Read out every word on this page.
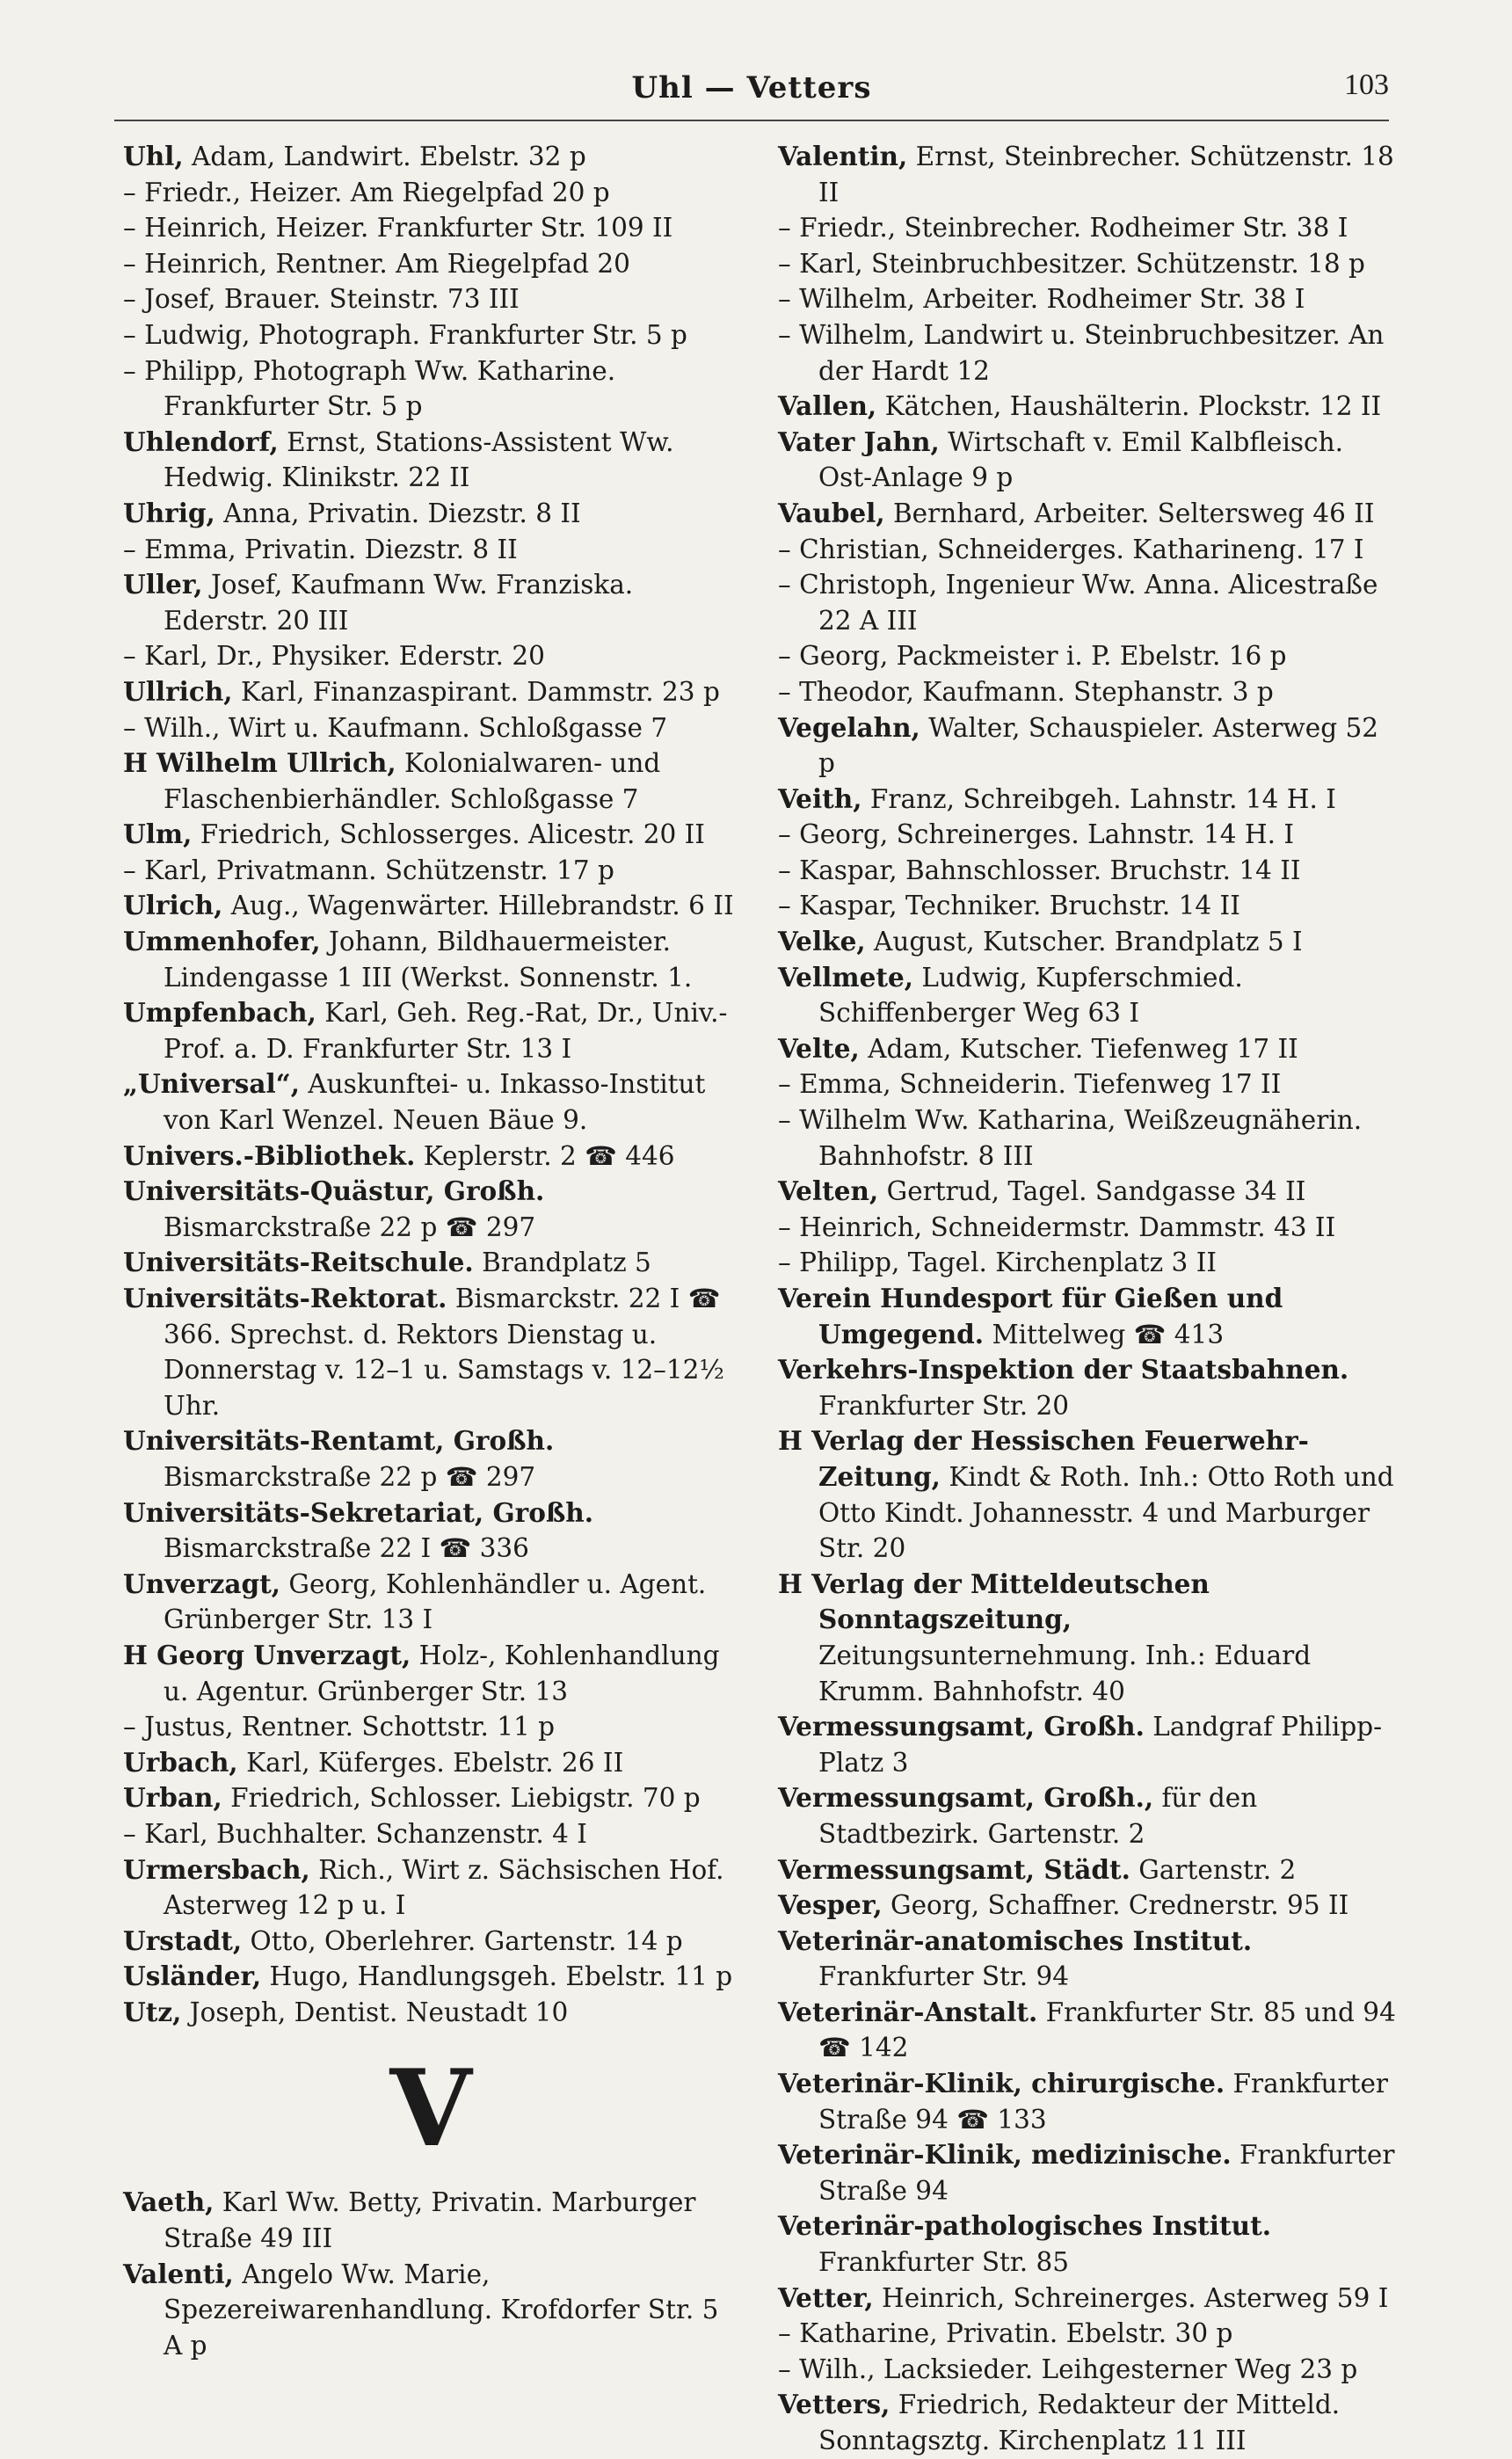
Uhl — Vetters	103

Uhl, Adam, Landwirt. Ebelstr. 32 p

– Friedr., Heizer. Am Riegelpfad 20 p

– Heinrich, Heizer. Frankfurter Str. 109 II

– Heinrich, Rentner. Am Riegelpfad 20

– Josef, Brauer. Steinstr. 73 III

– Ludwig, Photograph. Frankfurter Str. 5 p

– Philipp, Photograph Ww. Katharine. Frankfurter Str. 5 p

Uhlendorf, Ernst, Stations-Assistent Ww. Hedwig. Klinikstr. 22 II

Uhrig, Anna, Privatin. Diezstr. 8 II

– Emma, Privatin. Diezstr. 8 II

Uller, Josef, Kaufmann Ww. Franziska. Ederstr. 20 III

– Karl, Dr., Physiker. Ederstr. 20

Ullrich, Karl, Finanzaspirant. Dammstr. 23 p

– Wilh., Wirt u. Kaufmann. Schloßgasse 7

H Wilhelm Ullrich, Kolonialwaren- und Flaschenbierhändler. Schloßgasse 7

Ulm, Friedrich, Schlosserges. Alicestr. 20 II

– Karl, Privatmann. Schützenstr. 17 p

Ulrich, Aug., Wagenwärter. Hillebrandstr. 6 II

Ummenhofer, Johann, Bildhauermeister. Lindengasse 1 III (Werkst. Sonnenstr. 1.

Umpfenbach, Karl, Geh. Reg.-Rat, Dr., Univ.-Prof. a. D. Frankfurter Str. 13 I

„Universal“, Auskunftei- u. Inkasso-Institut von Karl Wenzel. Neuen Bäue 9.

Univers.-Bibliothek. Keplerstr. 2 ☎ 446

Universitäts-Quästur, Großh. Bismarckstraße 22 p ☎ 297

Universitäts-Reitschule. Brandplatz 5

Universitäts-Rektorat. Bismarckstr. 22 I ☎ 366. Sprechst. d. Rektors Dienstag u. Donnerstag v. 12–1 u. Samstags v. 12–12½ Uhr.

Universitäts-Rentamt, Großh. Bismarckstraße 22 p ☎ 297

Universitäts-Sekretariat, Großh. Bismarckstraße 22 I ☎ 336

Unverzagt, Georg, Kohlenhändler u. Agent. Grünberger Str. 13 I

H Georg Unverzagt, Holz-, Kohlenhandlung u. Agentur. Grünberger Str. 13

– Justus, Rentner. Schottstr. 11 p

Urbach, Karl, Küferges. Ebelstr. 26 II

Urban, Friedrich, Schlosser. Liebigstr. 70 p

– Karl, Buchhalter. Schanzenstr. 4 I

Urmersbach, Rich., Wirt z. Sächsischen Hof. Asterweg 12 p u. I

Urstadt, Otto, Oberlehrer. Gartenstr. 14 p

Usländer, Hugo, Handlungsgeh. Ebelstr. 11 p

Utz, Joseph, Dentist. Neustadt 10

V

Vaeth, Karl Ww. Betty, Privatin. Marburger Straße 49 III

Valenti, Angelo Ww. Marie, Spezereiwarenhandlung. Krofdorfer Str. 5 A p

Valentin, Ernst, Steinbrecher. Schützenstr. 18 II

– Friedr., Steinbrecher. Rodheimer Str. 38 I

– Karl, Steinbruchbesitzer. Schützenstr. 18 p

– Wilhelm, Arbeiter. Rodheimer Str. 38 I

– Wilhelm, Landwirt u. Steinbruchbesitzer. An der Hardt 12

Vallen, Kätchen, Haushälterin. Plockstr. 12 II

Vater Jahn, Wirtschaft v. Emil Kalbfleisch. Ost-Anlage 9 p

Vaubel, Bernhard, Arbeiter. Seltersweg 46 II

– Christian, Schneiderges. Katharineng. 17 I

– Christoph, Ingenieur Ww. Anna. Alicestraße 22 A III

– Georg, Packmeister i. P. Ebelstr. 16 p

– Theodor, Kaufmann. Stephanstr. 3 p

Vegelahn, Walter, Schauspieler. Asterweg 52 p

Veith, Franz, Schreibgeh. Lahnstr. 14 H. I

– Georg, Schreinerges. Lahnstr. 14 H. I

– Kaspar, Bahnschlosser. Bruchstr. 14 II

– Kaspar, Techniker. Bruchstr. 14 II

Velke, August, Kutscher. Brandplatz 5 I

Vellmete, Ludwig, Kupferschmied. Schiffenberger Weg 63 I

Velte, Adam, Kutscher. Tiefenweg 17 II

– Emma, Schneiderin. Tiefenweg 17 II

– Wilhelm Ww. Katharina, Weißzeugnäherin. Bahnhofstr. 8 III

Velten, Gertrud, Tagel. Sandgasse 34 II

– Heinrich, Schneidermstr. Dammstr. 43 II

– Philipp, Tagel. Kirchenplatz 3 II

Verein Hundesport für Gießen und Umgegend. Mittelweg ☎ 413

Verkehrs-Inspektion der Staatsbahnen. Frankfurter Str. 20

H Verlag der Hessischen Feuerwehr-Zeitung, Kindt & Roth. Inh.: Otto Roth und Otto Kindt. Johannesstr. 4 und Marburger Str. 20

H Verlag der Mitteldeutschen Sonntagszeitung, Zeitungsunternehmung. Inh.: Eduard Krumm. Bahnhofstr. 40

Vermessungsamt, Großh. Landgraf Philipp-Platz 3

Vermessungsamt, Großh., für den Stadtbezirk. Gartenstr. 2

Vermessungsamt, Städt. Gartenstr. 2

Vesper, Georg, Schaffner. Crednerstr. 95 II

Veterinär-anatomisches Institut. Frankfurter Str. 94

Veterinär-Anstalt. Frankfurter Str. 85 und 94 ☎ 142

Veterinär-Klinik, chirurgische. Frankfurter Straße 94 ☎ 133

Veterinär-Klinik, medizinische. Frankfurter Straße 94

Veterinär-pathologisches Institut. Frankfurter Str. 85

Vetter, Heinrich, Schreinerges. Asterweg 59 I

– Katharine, Privatin. Ebelstr. 30 p

– Wilh., Lacksieder. Leihgesterner Weg 23 p

Vetters, Friedrich, Redakteur der Mitteld. Sonntagsztg. Kirchenplatz 11 III
